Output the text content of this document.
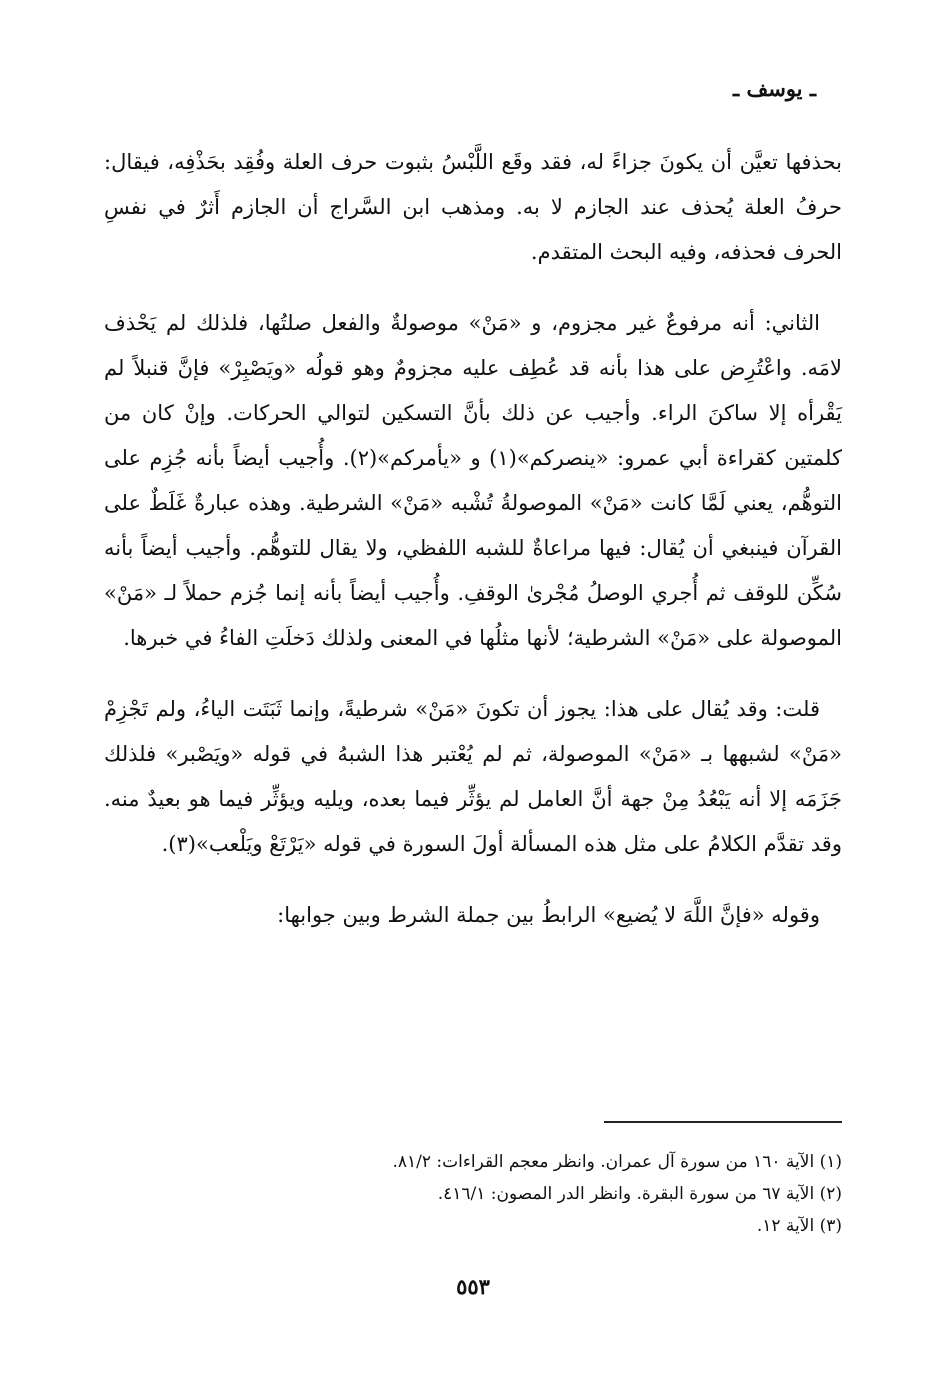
ـ يوسف ـ

بحذفها تعيَّن أن يكونَ جزاءً له، فقد وقَع اللَّبْسُ بثبوت حرف العلة وفُقِد بحَذْفِه، فيقال: حرفُ العلة يُحذف عند الجازم لا به. ومذهب ابن السَّراج أن الجازم أَثرٌ في نفسِ الحرف فحذفه، وفيه البحث المتقدم.

الثاني: أنه مرفوعٌ غير مجزوم، و «مَنْ» موصولةٌ والفعل صلتُها، فلذلك لم يَحْذف لامَه. واعْتُرِض على هذا بأنه قد عُطِف عليه مجزومٌ وهو قولُه «ويَصْبِرْ» فإنَّ قنبلاً لم يَقْرأه إلا ساكنَ الراء. وأجيب عن ذلك بأنَّ التسكين لتوالي الحركات. وإنْ كان من كلمتين كقراءة أبي عمرو: «ينصركم»(١) و «يأمركم»(٢). وأُجيب أيضاً بأنه جُزِم على التوهُّم، يعني لَمَّا كانت «مَنْ» الموصولةُ تُشْبه «مَنْ» الشرطية. وهذه عبارةٌ غَلَطٌ على القرآن فينبغي أن يُقال: فيها مراعاةٌ للشبه اللفظي، ولا يقال للتوهُّم. وأجيب أيضاً بأنه سُكِّن للوقف ثم أُجري الوصلُ مُجْرىٰ الوقفِ. وأُجيب أيضاً بأنه إنما جُزم حملاً لـ «مَنْ» الموصولة على «مَنْ» الشرطية؛ لأنها مثلُها في المعنى ولذلك دَخلَتِ الفاءُ في خبرها.

قلت: وقد يُقال على هذا: يجوز أن تكونَ «مَنْ» شرطيةً، وإنما ثَبَتَت الياءُ، ولم تَجْزِمْ «مَنْ» لشبهها بـ «مَنْ» الموصولة، ثم لم يُعْتبر هذا الشبهُ في قوله «ويَصْبر» فلذلك جَزَمَه إلا أنه يَبْعُدُ مِنْ جهة أنَّ العامل لم يؤثِّر فيما بعده، ويليه ويؤثِّر فيما هو بعيدٌ منه. وقد تقدَّم الكلامُ على مثل هذه المسألة أولَ السورة في قوله «يَرْتَعْ ويَلْعب»(٣).

وقوله «فإنَّ اللَّهَ لا يُضيع» الرابطُ بين جملة الشرط وبين جوابها:

(١) الآية ١٦٠ من سورة آل عمران. وانظر معجم القراءات: ٨١/٢.
(٢) الآية ٦٧ من سورة البقرة. وانظر الدر المصون: ٤١٦/١.
(٣) الآية ١٢.
٥٥٣
